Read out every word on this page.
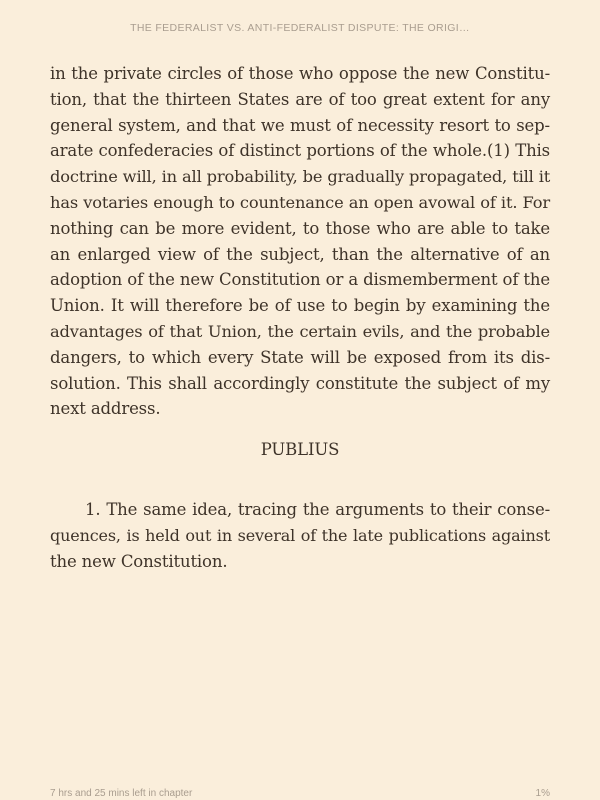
THE FEDERALIST VS. ANTI-FEDERALIST DISPUTE: THE ORIGI…
in the private circles of those who oppose the new Constitu-
tion, that the thirteen States are of too great extent for any
general system, and that we must of necessity resort to sep-
arate confederacies of distinct portions of the whole.(1) This
doctrine will, in all probability, be gradually propagated, till it
has votaries enough to countenance an open avowal of it. For
nothing can be more evident, to those who are able to take
an enlarged view of the subject, than the alternative of an
adoption of the new Constitution or a dismemberment of the
Union. It will therefore be of use to begin by examining the
advantages of that Union, the certain evils, and the probable
dangers, to which every State will be exposed from its dis-
solution. This shall accordingly constitute the subject of my
next address.
PUBLIUS
1. The same idea, tracing the arguments to their conse-
quences, is held out in several of the late publications against
the new Constitution.
7 hrs and 25 mins left in chapter	1%
